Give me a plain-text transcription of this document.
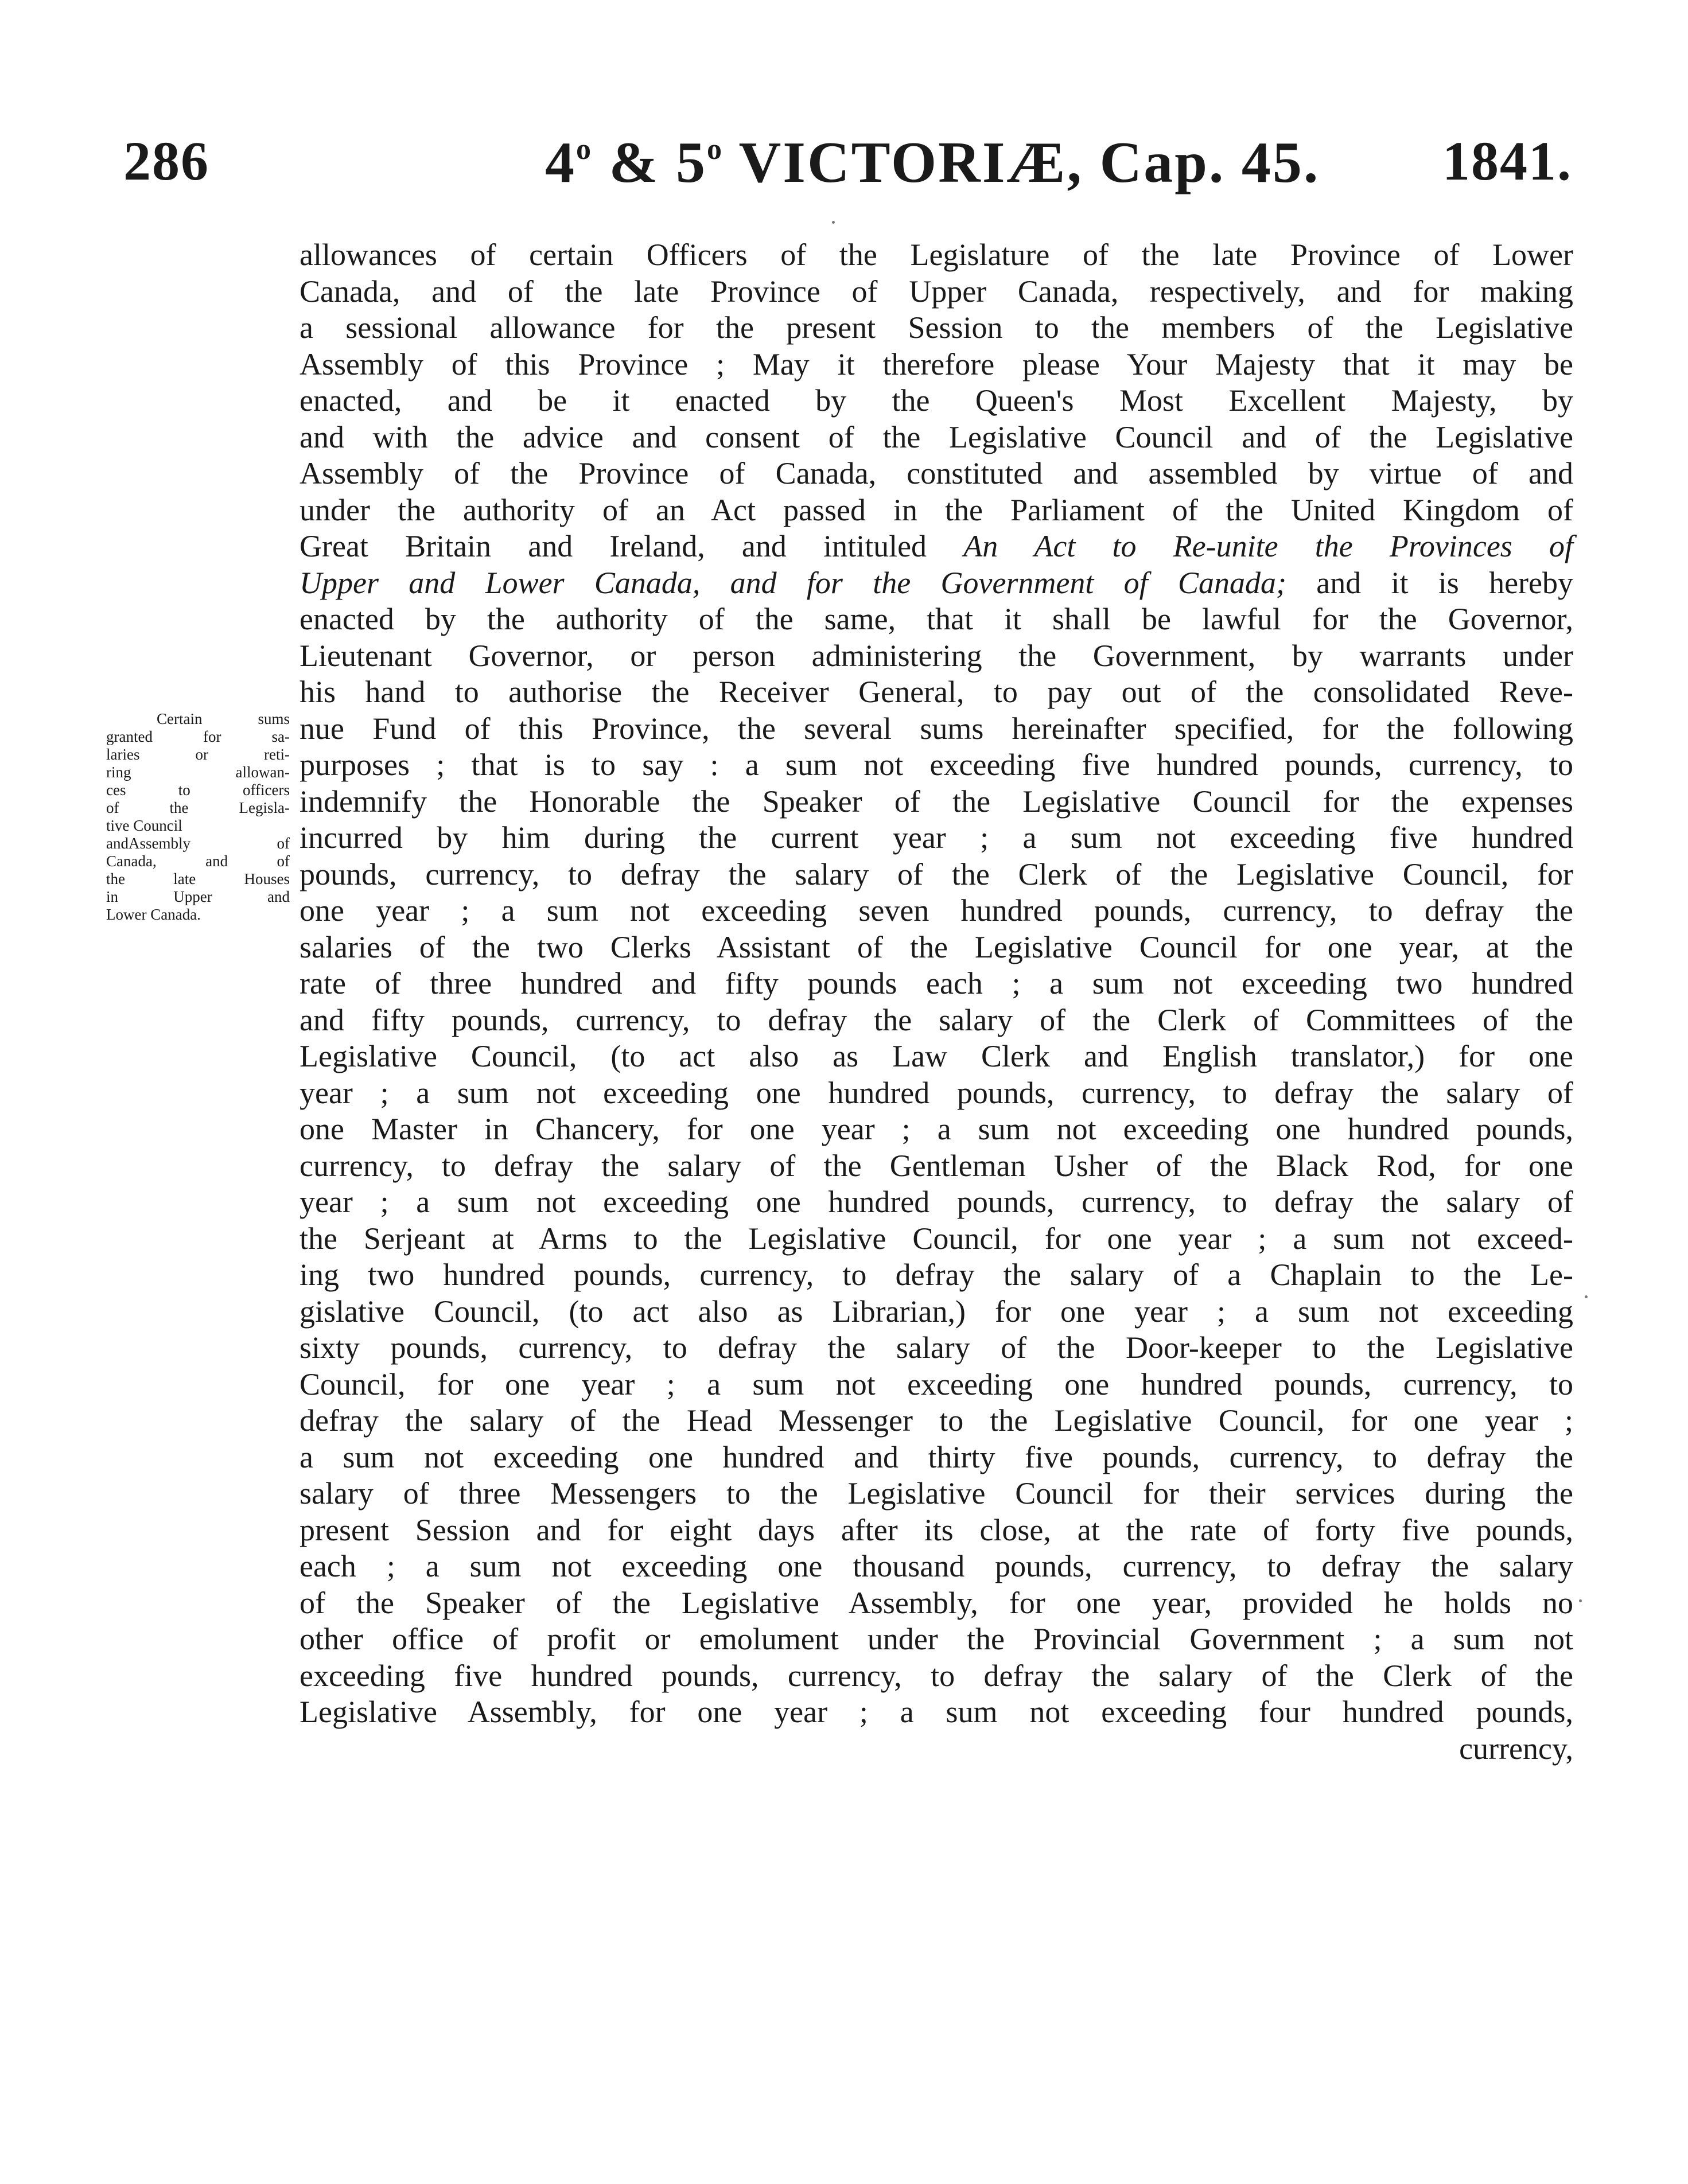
286	4$^o$ & 5$^o$ VICTORIÆ, Cap. 45. 1841.
Certain sums
granted for sa-
laries or reti-
ring allowan-
ces to officers
of the Legisla-
tive Council
andAssembly of
Canada, and of
the late Houses
in Upper and
Lower Canada.
allowances of certain Officers of the Legislature of the late Province of Lower
Canada, and of the late Province of Upper Canada, respectively, and for making
a sessional allowance for the present Session to the members of the Legislative
Assembly of this Province ; May it therefore please Your Majesty that it may be
enacted, and be it enacted by the Queen's Most Excellent Majesty, by
and with the advice and consent of the Legislative Council and of the Legislative
Assembly of the Province of Canada, constituted and assembled by virtue of and
under the authority of an Act passed in the Parliament of the United Kingdom of
Great Britain and Ireland, and intituled An Act to Re-unite the Provinces of
Upper and Lower Canada, and for the Government of Canada; and it is hereby
enacted by the authority of the same, that it shall be lawful for the Governor,
Lieutenant Governor, or person administering the Government, by warrants under
his hand to authorise the Receiver General, to pay out of the consolidated Reve-
nue Fund of this Province, the several sums hereinafter specified, for the following
purposes ; that is to say : a sum not exceeding five hundred pounds, currency, to
indemnify the Honorable the Speaker of the Legislative Council for the expenses
incurred by him during the current year ; a sum not exceeding five hundred
pounds, currency, to defray the salary of the Clerk of the Legislative Council, for
one year ; a sum not exceeding seven hundred pounds, currency, to defray the
salaries of the two Clerks Assistant of the Legislative Council for one year, at the
rate of three hundred and fifty pounds each ; a sum not exceeding two hundred
and fifty pounds, currency, to defray the salary of the Clerk of Committees of the
Legislative Council, (to act also as Law Clerk and English translator,) for one
year ; a sum not exceeding one hundred pounds, currency, to defray the salary of
one Master in Chancery, for one year ; a sum not exceeding one hundred pounds,
currency, to defray the salary of the Gentleman Usher of the Black Rod, for one
year ; a sum not exceeding one hundred pounds, currency, to defray the salary of
the Serjeant at Arms to the Legislative Council, for one year ; a sum not exceed-
ing two hundred pounds, currency, to defray the salary of a Chaplain to the Le-
gislative Council, (to act also as Librarian,) for one year ; a sum not exceeding
sixty pounds, currency, to defray the salary of the Door-keeper to the Legislative
Council, for one year ; a sum not exceeding one hundred pounds, currency, to
defray the salary of the Head Messenger to the Legislative Council, for one year ;
a sum not exceeding one hundred and thirty five pounds, currency, to defray the
salary of three Messengers to the Legislative Council for their services during the
present Session and for eight days after its close, at the rate of forty five pounds,
each ; a sum not exceeding one thousand pounds, currency, to defray the salary
of the Speaker of the Legislative Assembly, for one year, provided he holds no
other office of profit or emolument under the Provincial Government ; a sum not
exceeding five hundred pounds, currency, to defray the salary of the Clerk of the
Legislative Assembly, for one year ; a sum not exceeding four hundred pounds,
currency,
